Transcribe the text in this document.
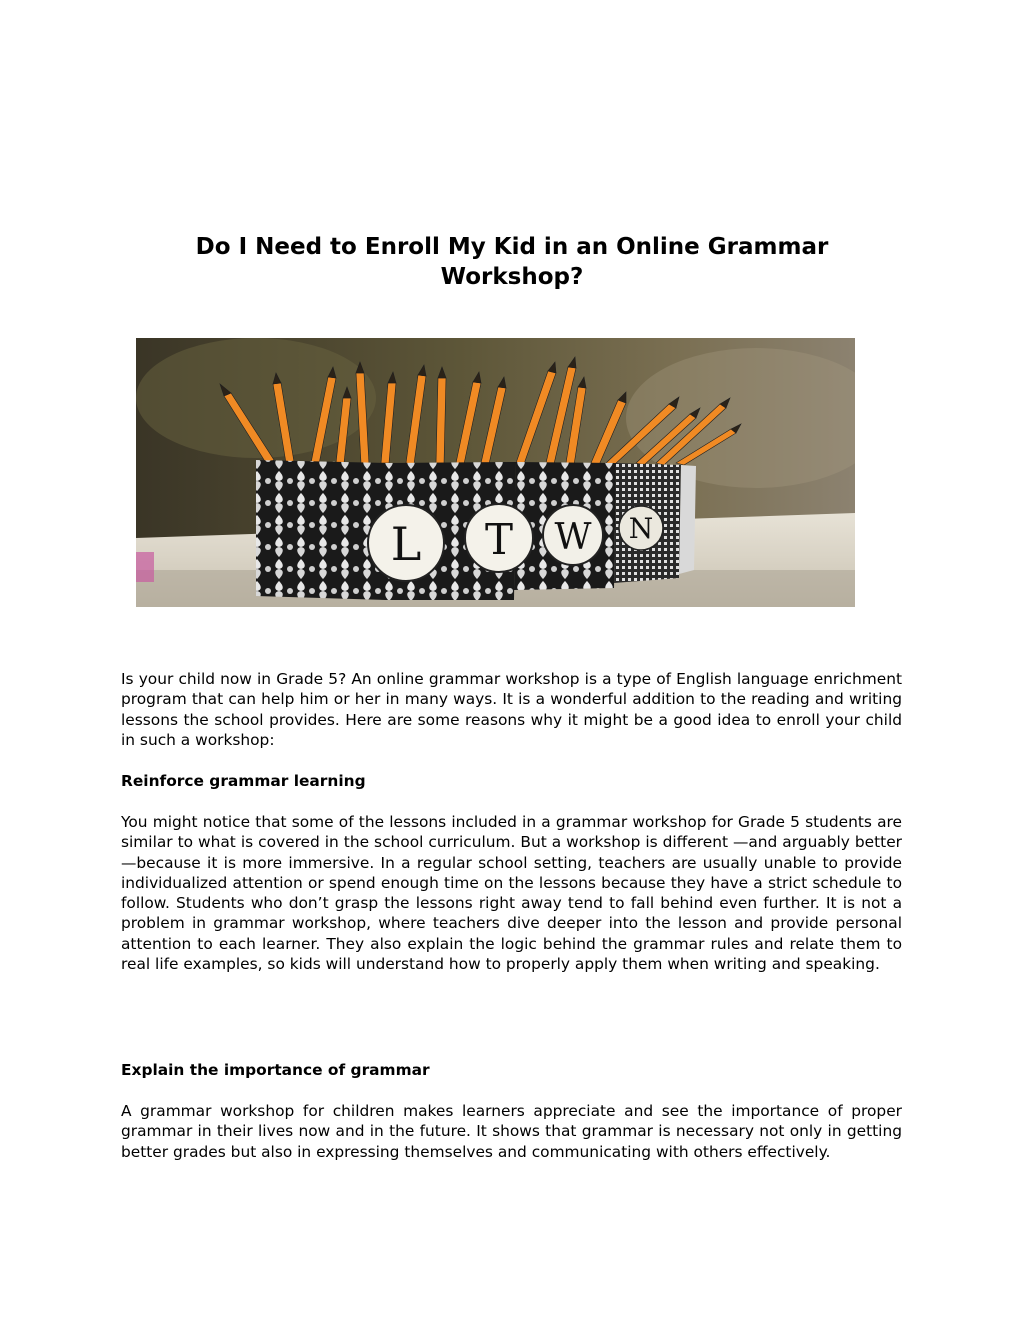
Do I Need to Enroll My Kid in an Online Grammar Workshop?
L T W N

Is your child now in Grade 5? An online grammar workshop is a type of English language enrichment program that can help him or her in many ways. It is a wonderful addition to the reading and writing lessons the school provides. Here are some reasons why it might be a good idea to enroll your child in such a workshop:

Reinforce grammar learning

You might notice that some of the lessons included in a grammar workshop for Grade 5 students are similar to what is covered in the school curriculum. But a workshop is different —and arguably better—because it is more immersive. In a regular school setting, teachers are usually unable to provide individualized attention or spend enough time on the lessons because they have a strict schedule to follow. Students who don’t grasp the lessons right away tend to fall behind even further. It is not a problem in grammar workshop, where teachers dive deeper into the lesson and provide personal attention to each learner. They also explain the logic behind the grammar rules and relate them to real life examples, so kids will understand how to properly apply them when writing and speaking.

Explain the importance of grammar

A grammar workshop for children makes learners appreciate and see the importance of proper grammar in their lives now and in the future. It shows that grammar is necessary not only in getting better grades but also in expressing themselves and communicating with others effectively.
